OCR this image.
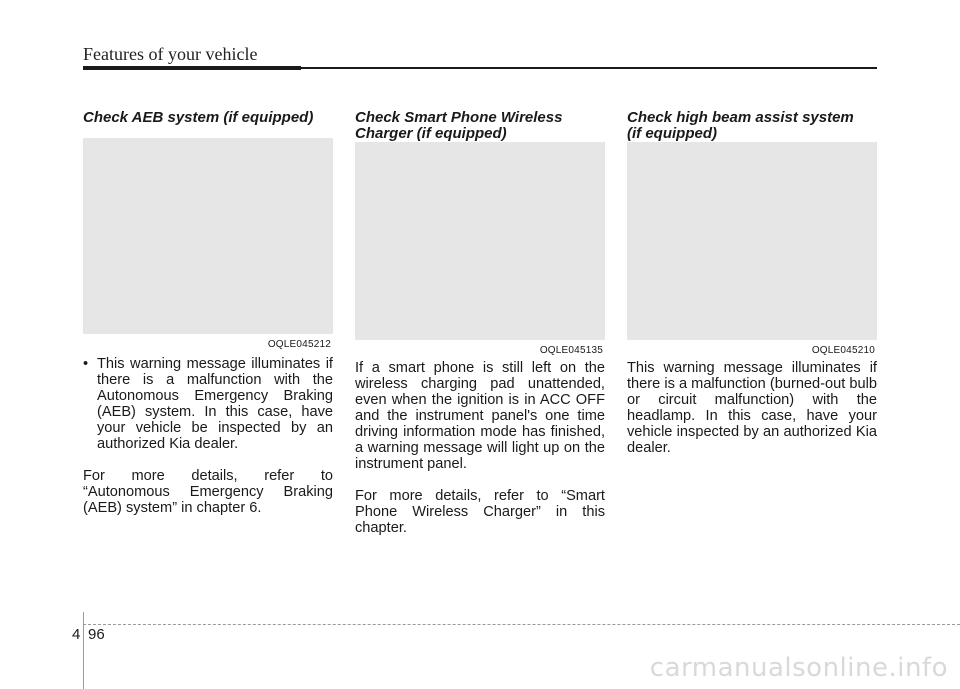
Features of your vehicle
Check AEB system (if equipped)
OQLE045212

• This warning message illuminates if there is a malfunction with the Autonomous Emergency Braking (AEB) system. In this case, have your vehicle be inspected by an authorized Kia dealer.

For more details, refer to “Autonomous Emergency Braking (AEB) system” in chapter 6.

Check Smart Phone Wireless
Charger (if equipped)
OQLE045135

If a smart phone is still left on the wireless charging pad unattended, even when the ignition is in ACC OFF and the instrument panel's one time driving information mode has finished, a warning message will light up on the instrument panel.

For more details, refer to “Smart Phone Wireless Charger” in this chapter.

Check high beam assist system
(if equipped)
OQLE045210

This warning message illuminates if there is a malfunction (burned-out bulb or circuit malfunction) with the headlamp. In this case, have your vehicle inspected by an authorized Kia dealer.

4 96
carmanualsonline.info
